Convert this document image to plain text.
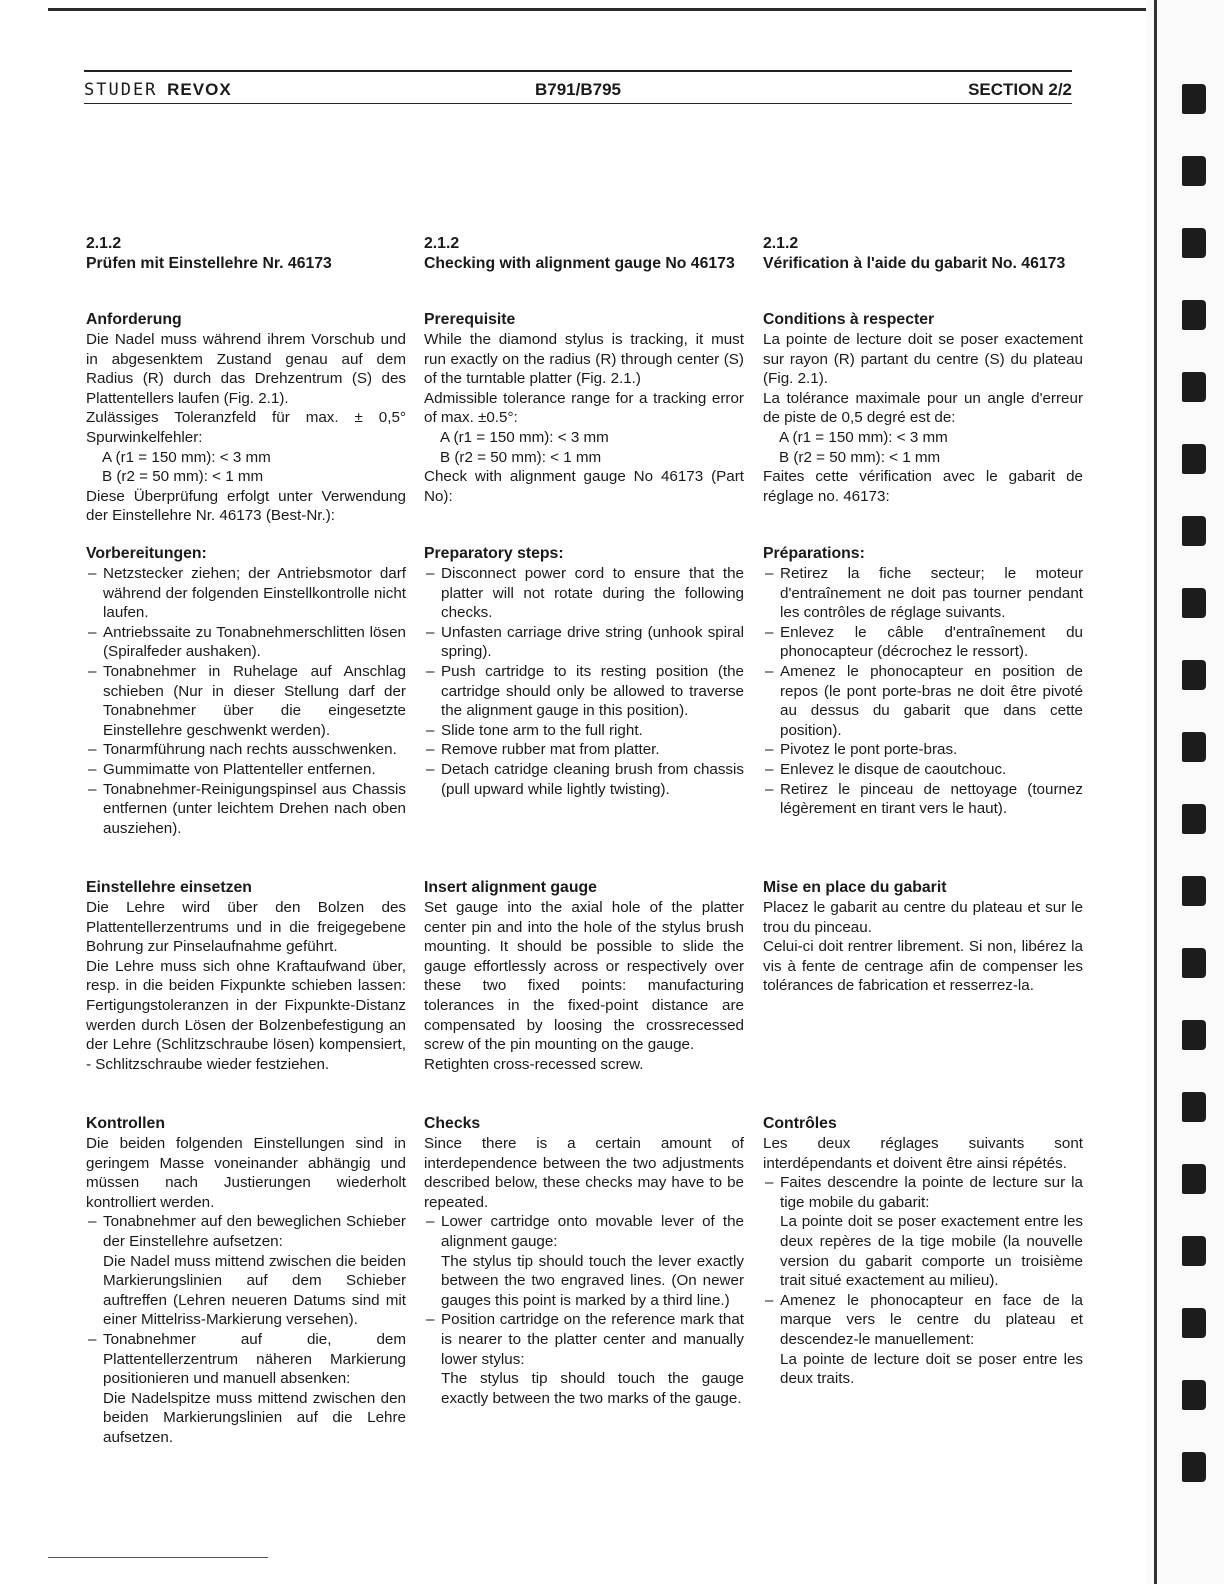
STUDER REVOX	B791/B795	SECTION 2/2
2.1.2
Prüfen mit Einstellehre Nr. 46173
Anforderung

Die Nadel muss während ihrem Vorschub und in abgesenktem Zustand genau auf dem Radius (R) durch das Drehzentrum (S) des Plattentellers laufen (Fig. 2.1).

Zulässiges Toleranzfeld für max. ± 0,5° Spurwinkelfehler:

A (r1 = 150 mm): < 3 mm

B (r2 = 50 mm): < 1 mm

Diese Überprüfung erfolgt unter Verwendung der Einstellehre Nr. 46173 (Best-Nr.):

Vorbereitungen:
– Netzstecker ziehen; der Antriebsmotor darf während der folgenden Einstellkontrolle nicht laufen.
– Antriebssaite zu Tonabnehmerschlitten lösen (Spiralfeder aushaken).
– Tonabnehmer in Ruhelage auf Anschlag schieben (Nur in dieser Stellung darf der Tonabnehmer über die eingesetzte Einstellehre geschwenkt werden).
– Tonarmführung nach rechts ausschwenken.
– Gummimatte von Plattenteller entfernen.
– Tonabnehmer-Reinigungspinsel aus Chassis entfernen (unter leichtem Drehen nach oben ausziehen).
Einstellehre einsetzen

Die Lehre wird über den Bolzen des Plattentellerzentrums und in die freigegebene Bohrung zur Pinselaufnahme geführt.

Die Lehre muss sich ohne Kraftaufwand über, resp. in die beiden Fixpunkte schieben lassen: Fertigungstoleranzen in der Fixpunkte-Distanz werden durch Lösen der Bolzenbefestigung an der Lehre (Schlitzschraube lösen) kompensiert, - Schlitzschraube wieder festziehen.

Kontrollen

Die beiden folgenden Einstellungen sind in geringem Masse voneinander abhängig und müssen nach Justierungen wiederholt kontrolliert werden.

– Tonabnehmer auf den beweglichen Schieber der Einstellehre aufsetzen:
Die Nadel muss mittend zwischen die beiden Markierungslinien auf dem Schieber auftreffen (Lehren neueren Datums sind mit einer Mittelriss-Markierung versehen).
– Tonabnehmer auf die, dem Plattentellerzentrum näheren Markierung positionieren und manuell absenken:
Die Nadelspitze muss mittend zwischen den beiden Markierungslinien auf die Lehre aufsetzen.
2.1.2
Checking with alignment gauge No 46173
Prerequisite

While the diamond stylus is tracking, it must run exactly on the radius (R) through center (S) of the turntable platter (Fig. 2.1.)

Admissible tolerance range for a tracking error of max. ±0.5°:

A (r1 = 150 mm): < 3 mm

B (r2 = 50 mm): < 1 mm

Check with alignment gauge No 46173 (Part No):

Preparatory steps:
– Disconnect power cord to ensure that the platter will not rotate during the following checks.
– Unfasten carriage drive string (unhook spiral spring).
– Push cartridge to its resting position (the cartridge should only be allowed to traverse the alignment gauge in this position).
– Slide tone arm to the full right.
– Remove rubber mat from platter.
– Detach catridge cleaning brush from chassis (pull upward while lightly twisting).
Insert alignment gauge

Set gauge into the axial hole of the platter center pin and into the hole of the stylus brush mounting. It should be possible to slide the gauge effortlessly across or respectively over these two fixed points: manufacturing tolerances in the fixed-point distance are compensated by loosing the crossrecessed screw of the pin mounting on the gauge.

Retighten cross-recessed screw.

Checks

Since there is a certain amount of interdependence between the two adjustments described below, these checks may have to be repeated.

– Lower cartridge onto movable lever of the alignment gauge:
The stylus tip should touch the lever exactly between the two engraved lines. (On newer gauges this point is marked by a third line.)
– Position cartridge on the reference mark that is nearer to the platter center and manually lower stylus:
The stylus tip should touch the gauge exactly between the two marks of the gauge.
2.1.2
Vérification à l'aide du gabarit No. 46173
Conditions à respecter

La pointe de lecture doit se poser exactement sur rayon (R) partant du centre (S) du plateau (Fig. 2.1).

La tolérance maximale pour un angle d'erreur de piste de 0,5 degré est de:

A (r1 = 150 mm): < 3 mm

B (r2 = 50 mm): < 1 mm

Faites cette vérification avec le gabarit de réglage no. 46173:

Préparations:
– Retirez la fiche secteur; le moteur d'entraînement ne doit pas tourner pendant les contrôles de réglage suivants.
– Enlevez le câble d'entraînement du phonocapteur (décrochez le ressort).
– Amenez le phonocapteur en position de repos (le pont porte-bras ne doit être pivoté au dessus du gabarit que dans cette position).
– Pivotez le pont porte-bras.
– Enlevez le disque de caoutchouc.
– Retirez le pinceau de nettoyage (tournez légèrement en tirant vers le haut).
Mise en place du gabarit

Placez le gabarit au centre du plateau et sur le trou du pinceau.

Celui-ci doit rentrer librement. Si non, libérez la vis à fente de centrage afin de compenser les tolérances de fabrication et resserrez-la.

Contrôles

Les deux réglages suivants sont interdépendants et doivent être ainsi répétés.

– Faites descendre la pointe de lecture sur la tige mobile du gabarit:
La pointe doit se poser exactement entre les deux repères de la tige mobile (la nouvelle version du gabarit comporte un troisième trait situé exactement au milieu).
– Amenez le phonocapteur en face de la marque vers le centre du plateau et descendez-le manuellement:
La pointe de lecture doit se poser entre les deux traits.
